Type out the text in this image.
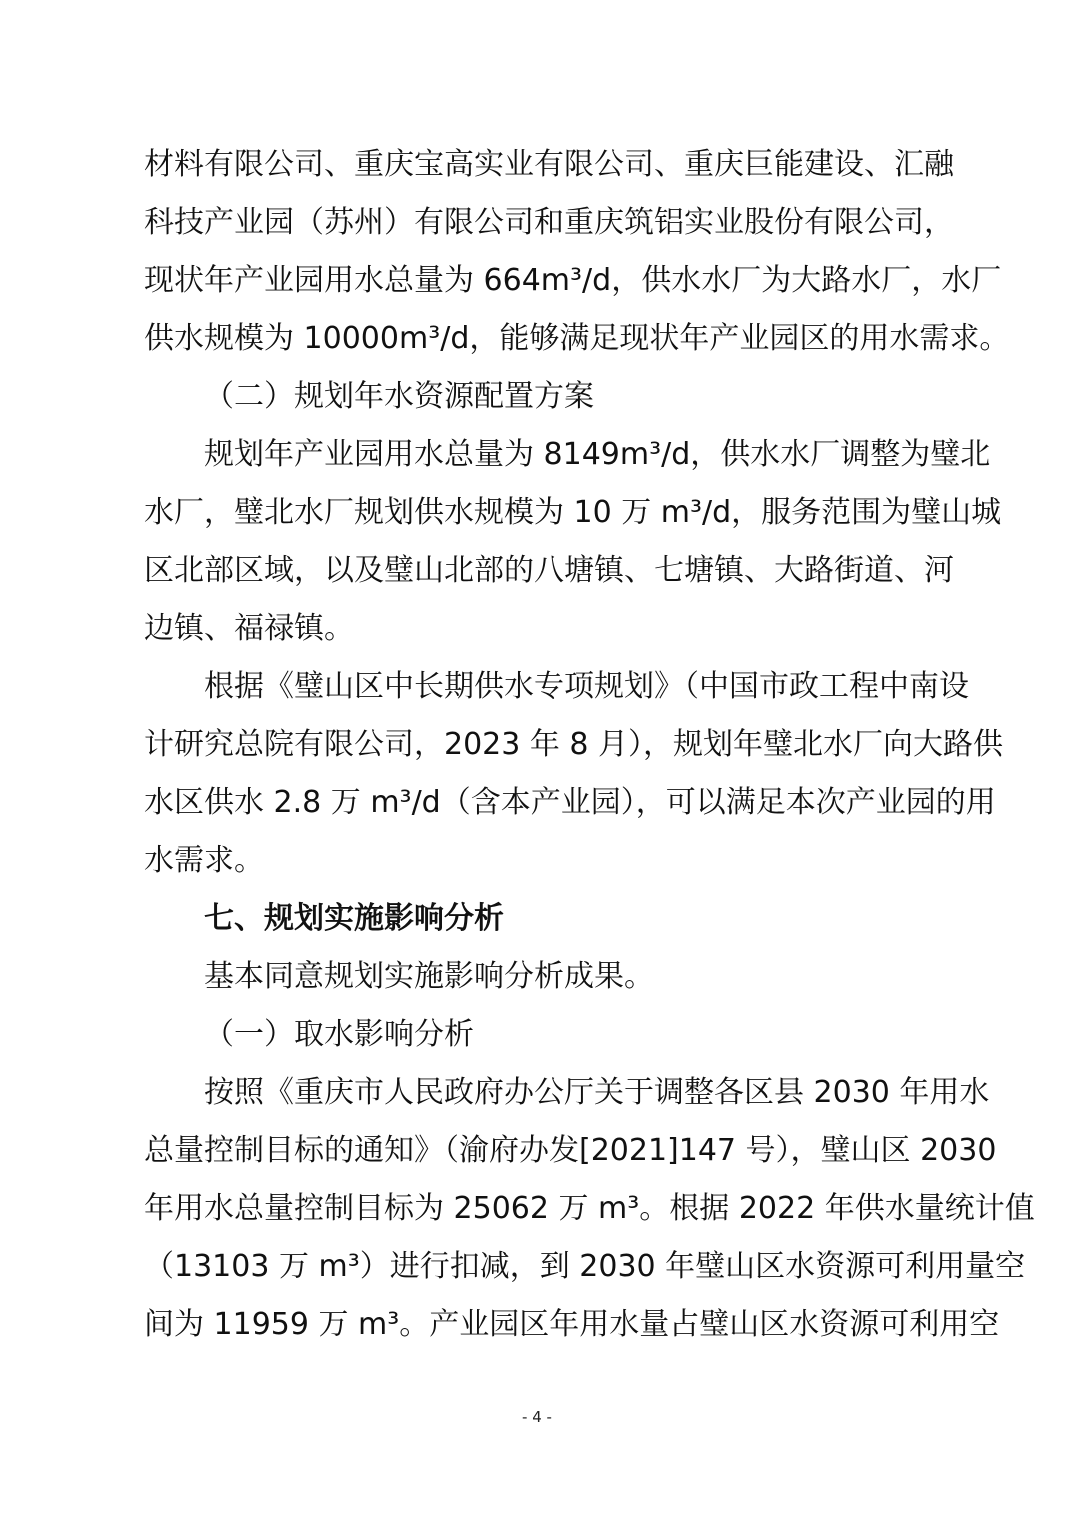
材料有限公司、重庆宝高实业有限公司、重庆巨能建设、汇融
科技产业园（苏州）有限公司和重庆筑铝实业股份有限公司，
现状年产业园用水总量为 664m³/d，供水水厂为大路水厂，水厂
供水规模为 10000m³/d，能够满足现状年产业园区的用水需求。
（二）规划年水资源配置方案
规划年产业园用水总量为 8149m³/d，供水水厂调整为璧北
水厂，璧北水厂规划供水规模为 10 万 m³/d，服务范围为璧山城
区北部区域，以及璧山北部的八塘镇、七塘镇、大路街道、河
边镇、福禄镇。
根据《璧山区中长期供水专项规划》（中国市政工程中南设
计研究总院有限公司，2023 年 8 月），规划年璧北水厂向大路供
水区供水 2.8 万 m³/d（含本产业园），可以满足本次产业园的用
水需求。
七、规划实施影响分析
基本同意规划实施影响分析成果。
（一）取水影响分析
按照《重庆市人民政府办公厅关于调整各区县 2030 年用水
总量控制目标的通知》（渝府办发[2021]147 号），璧山区 2030
年用水总量控制目标为 25062 万 m³。根据 2022 年供水量统计值
（13103 万 m³）进行扣减，到 2030 年璧山区水资源可利用量空
间为 11959 万 m³。产业园区年用水量占璧山区水资源可利用空
- 4 -
